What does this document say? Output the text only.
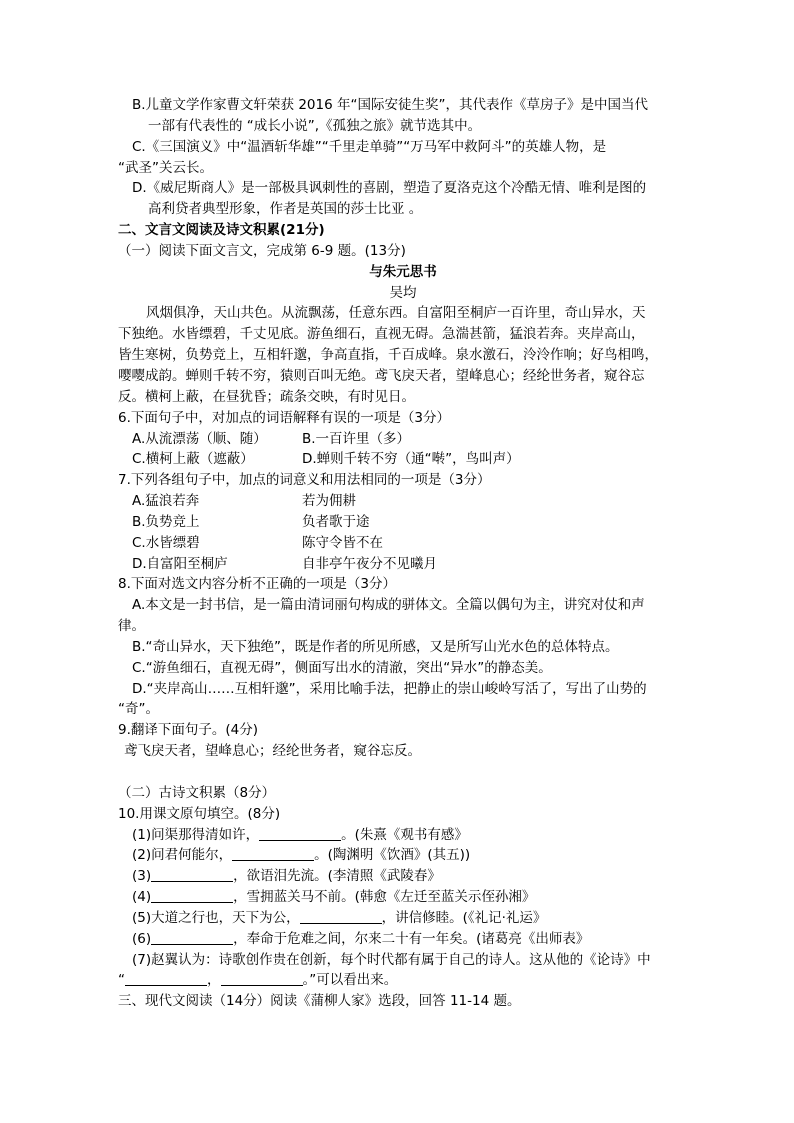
B.儿童文学作家曹文轩荣获 2016 年“国际安徒生奖”，其代表作《草房子》是中国当代
一部有代表性的 “成长小说”,《孤独之旅》就节选其中。
C.《三国演义》中“温酒斩华雄”“千里走单骑”“万马军中救阿斗”的英雄人物，是
“武圣”关云长。
D.《威尼斯商人》是一部极具讽刺性的喜剧，塑造了夏洛克这个冷酷无情、唯利是图的
高利贷者典型形象，作者是英国的莎士比亚 。
二、文言文阅读及诗文积累(21分)
（一）阅读下面文言文，完成第 6-9 题。(13分)
与朱元思书
吴均
风烟俱净，天山共色。从流飘荡，任意东西。自富阳至桐庐一百许里，奇山异水，天
下独绝。水皆缥碧，千丈见底。游鱼细石，直视无碍。急湍甚箭，猛浪若奔。夹岸高山，
皆生寒树，负势竞上，互相轩邈，争高直指，千百成峰。泉水激石，泠泠作响；好鸟相鸣，
嘤嘤成韵。蝉则千转不穷，猿则百叫无绝。鸢飞戾天者，望峰息心；经纶世务者，窥谷忘
反。横柯上蔽，在昼犹昏；疏条交映，有时见日。
6.下面句子中，对加点的词语解释有误的一项是（3分）
A.从流漂荡（顺、随）	B.一百许里（多）
C.横柯上蔽（遮蔽）	D.蝉则千转不穷（通“啭”，鸟叫声）
7.下列各组句子中，加点的词意义和用法相同的一项是（3分）
A.猛浪若奔	若为佣耕
B.负势竞上	负者歌于途
C.水皆缥碧	陈守令皆不在
D.自富阳至桐庐	自非亭午夜分不见曦月
8.下面对选文内容分析不正确的一项是（3分）
A.本文是一封书信，是一篇由清词丽句构成的骈体文。全篇以偶句为主，讲究对仗和声
律。
B.“奇山异水，天下独绝”，既是作者的所见所感，又是所写山光水色的总体特点。
C.“游鱼细石，直视无碍”，侧面写出水的清澈，突出“异水”的静态美。
D.“夹岸高山……互相轩邈”，采用比喻手法，把静止的崇山峻岭写活了，写出了山势的
“奇”。
9.翻译下面句子。(4分)
鸢飞戾天者，望峰息心；经纶世务者，窥谷忘反。
（二）古诗文积累（8分）
10.用课文原句填空。(8分)
(1)问渠那得清如许，	。(朱熹《观书有感》
(2)问君何能尔，	。(陶渊明《饮酒》(其五))
(3)	，欲语泪先流。(李清照《武陵春》
(4)	，雪拥蓝关马不前。(韩愈《左迁至蓝关示侄孙湘》
(5)大道之行也，天下为公，	，讲信修睦。(《礼记·礼运》
(6)	，奉命于危难之间，尔来二十有一年矣。(诸葛亮《出师表》
(7)赵翼认为：诗歌创作贵在创新，每个时代都有属于自己的诗人。这从他的《论诗》中
“	，	。”可以看出来。
三、现代文阅读（14分）阅读《蒲柳人家》选段，回答 11-14 题。
